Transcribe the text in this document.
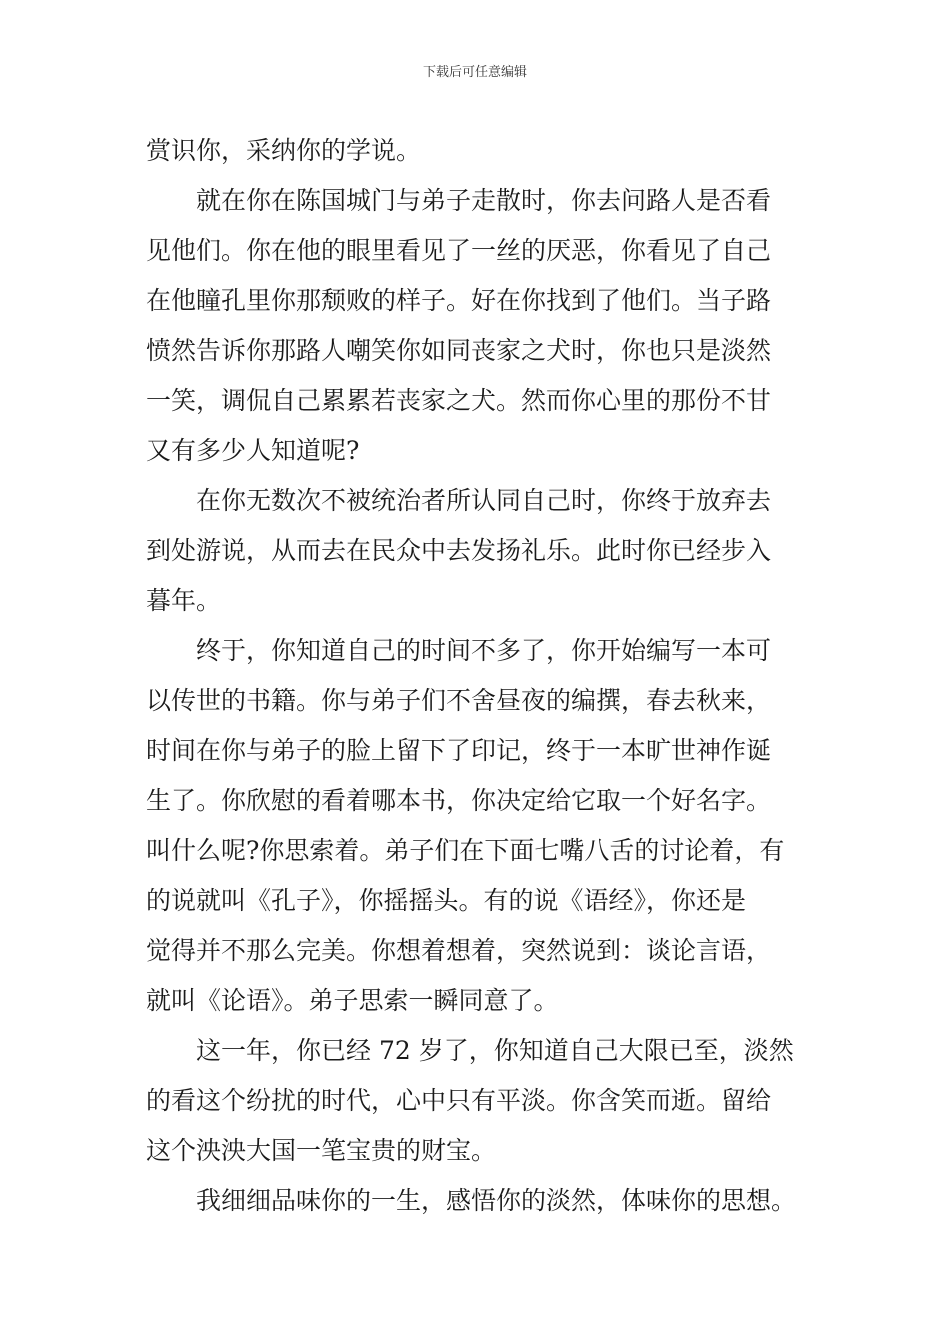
下载后可任意编辑
赏识你，采纳你的学说。
就在你在陈国城门与弟子走散时，你去问路人是否看
见他们。你在他的眼里看见了一丝的厌恶，你看见了自己
在他瞳孔里你那颓败的样子。好在你找到了他们。当子路
愤然告诉你那路人嘲笑你如同丧家之犬时，你也只是淡然
一笑，调侃自己累累若丧家之犬。然而你心里的那份不甘
又有多少人知道呢?
在你无数次不被统治者所认同自己时，你终于放弃去
到处游说，从而去在民众中去发扬礼乐。此时你已经步入
暮年。
终于，你知道自己的时间不多了，你开始编写一本可
以传世的书籍。你与弟子们不舍昼夜的编撰，春去秋来，
时间在你与弟子的脸上留下了印记，终于一本旷世神作诞
生了。你欣慰的看着哪本书，你决定给它取一个好名字。
叫什么呢?你思索着。弟子们在下面七嘴八舌的讨论着，有
的说就叫《孔子》，你摇摇头。有的说《语经》，你还是
觉得并不那么完美。你想着想着，突然说到：谈论言语，
就叫《论语》。弟子思索一瞬同意了。
这一年，你已经 72 岁了，你知道自己大限已至，淡然
的看这个纷扰的时代，心中只有平淡。你含笑而逝。留给
这个泱泱大国一笔宝贵的财宝。
我细细品味你的一生，感悟你的淡然，体味你的思想。
